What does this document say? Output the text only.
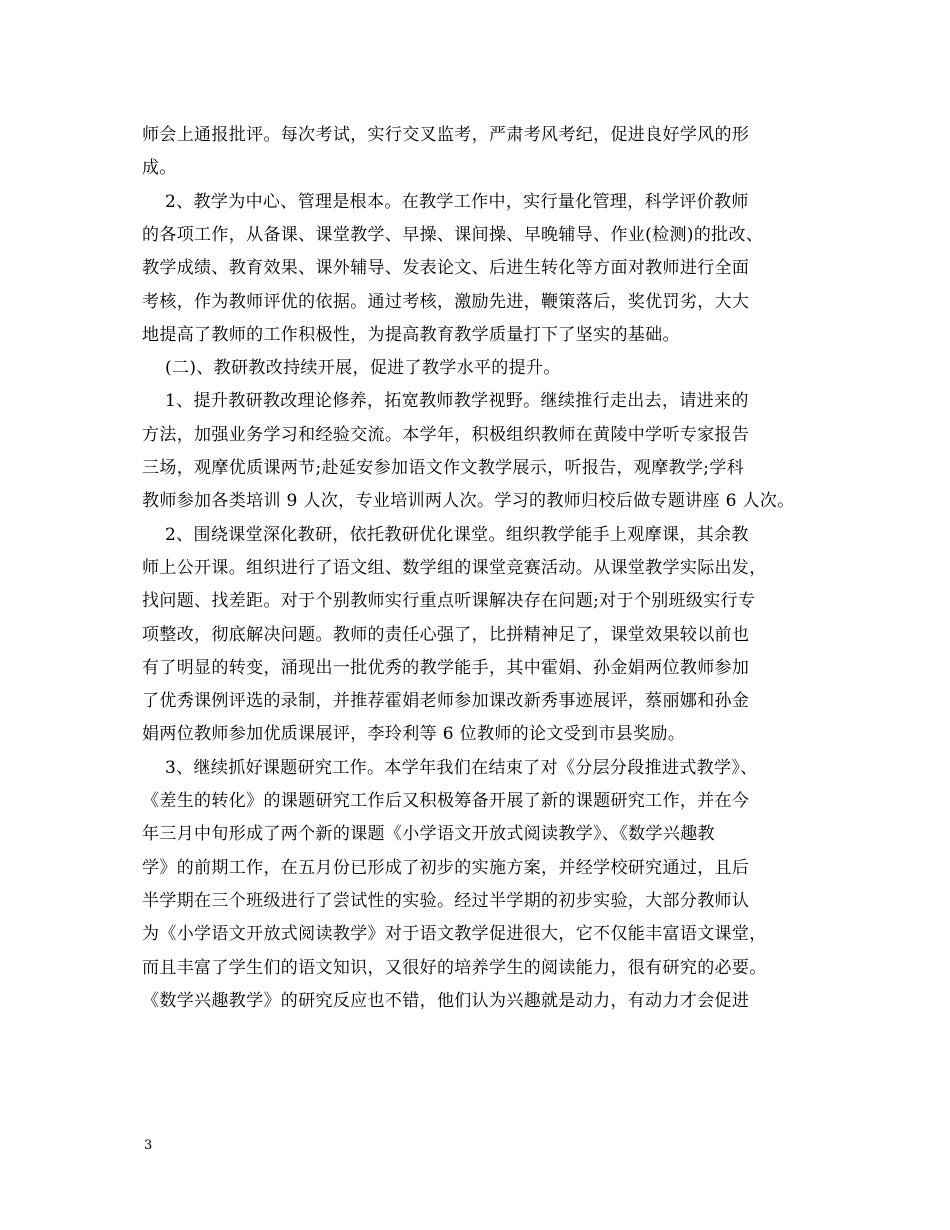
师会上通报批评。每次考试，实行交叉监考，严肃考风考纪，促进良好学风的形
成。
2、教学为中心、管理是根本。在教学工作中，实行量化管理，科学评价教师
的各项工作，从备课、课堂教学、早操、课间操、早晚辅导、作业(检测)的批改、
教学成绩、教育效果、课外辅导、发表论文、后进生转化等方面对教师进行全面
考核，作为教师评优的依据。通过考核，激励先进，鞭策落后，奖优罚劣，大大
地提高了教师的工作积极性，为提高教育教学质量打下了坚实的基础。
(二)、教研教改持续开展，促进了教学水平的提升。
1、提升教研教改理论修养，拓宽教师教学视野。继续推行走出去，请进来的
方法，加强业务学习和经验交流。本学年，积极组织教师在黄陵中学听专家报告
三场，观摩优质课两节;赴延安参加语文作文教学展示，听报告，观摩教学;学科
教师参加各类培训 9 人次，专业培训两人次。学习的教师归校后做专题讲座 6 人次。
2、围绕课堂深化教研，依托教研优化课堂。组织教学能手上观摩课，其余教
师上公开课。组织进行了语文组、数学组的课堂竞赛活动。从课堂教学实际出发，
找问题、找差距。对于个别教师实行重点听课解决存在问题;对于个别班级实行专
项整改，彻底解决问题。教师的责任心强了，比拼精神足了，课堂效果较以前也
有了明显的转变，涌现出一批优秀的教学能手，其中霍娟、孙金娟两位教师参加
了优秀课例评选的录制，并推荐霍娟老师参加课改新秀事迹展评，蔡丽娜和孙金
娟两位教师参加优质课展评，李玲利等 6 位教师的论文受到市县奖励。
3、继续抓好课题研究工作。本学年我们在结束了对《分层分段推进式教学》、
《差生的转化》的课题研究工作后又积极筹备开展了新的课题研究工作，并在今
年三月中旬形成了两个新的课题《小学语文开放式阅读教学》、《数学兴趣教
学》的前期工作，在五月份已形成了初步的实施方案，并经学校研究通过，且后
半学期在三个班级进行了尝试性的实验。经过半学期的初步实验，大部分教师认
为《小学语文开放式阅读教学》对于语文教学促进很大，它不仅能丰富语文课堂，
而且丰富了学生们的语文知识，又很好的培养学生的阅读能力，很有研究的必要。
《数学兴趣教学》的研究反应也不错，他们认为兴趣就是动力，有动力才会促进
3
